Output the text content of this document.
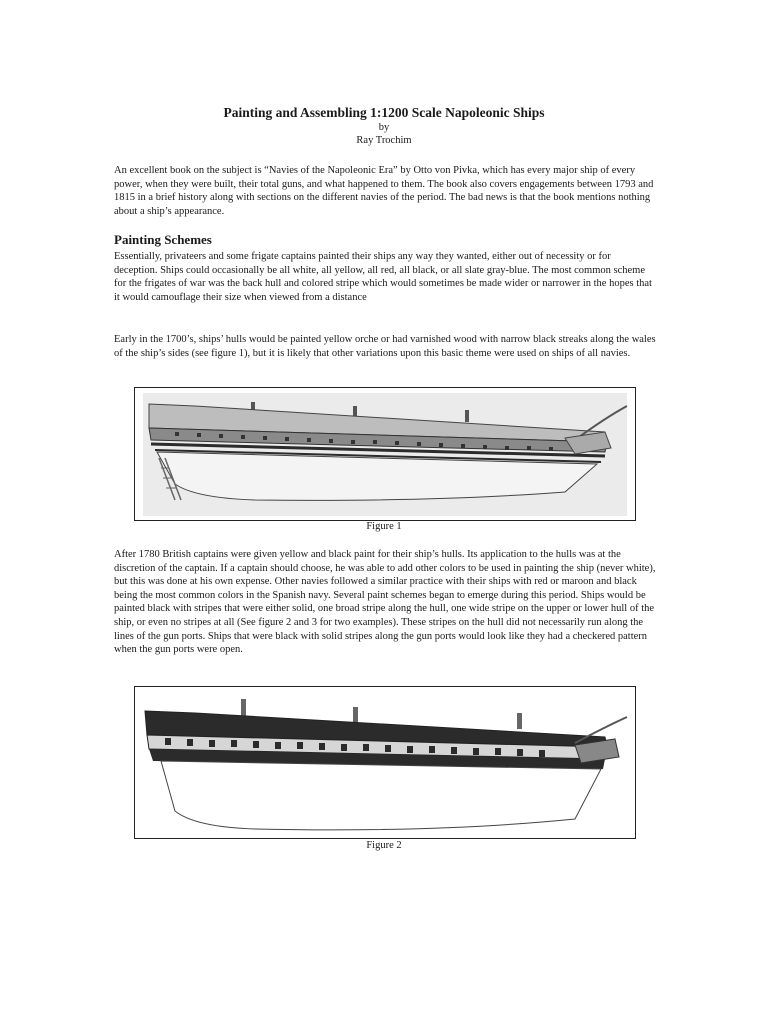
Painting and Assembling 1:1200 Scale Napoleonic Ships
by
Ray Trochim

An excellent book on the subject is “Navies of the Napoleonic Era” by Otto von Pivka, which has every major ship of every power, when they were built, their total guns, and what happened to them. The book also covers engagements between 1793 and 1815 in a brief history along with sections on the different navies of the period. The bad news is that the book mentions nothing about a ship’s appearance.

Painting Schemes

Essentially, privateers and some frigate captains painted their ships any way they wanted, either out of necessity or for deception. Ships could occasionally be all white, all yellow, all red, all black, or all slate gray-blue. The most common scheme for the frigates of war was the back hull and colored stripe which would sometimes be made wider or narrower in the hopes that it would camouflage their size when viewed from a distance

Early in the 1700’s, ships’ hulls would be painted yellow orche or had varnished wood with narrow black streaks along the wales of the ship’s sides (see figure 1), but it is likely that other variations upon this basic theme were used on ships of all navies.

Figure 1

After 1780 British captains were given yellow and black paint for their ship’s hulls. Its application to the hulls was at the discretion of the captain. If a captain should choose, he was able to add other colors to be used in painting the ship (never white), but this was done at his own expense. Other navies followed a similar practice with their ships with red or maroon and black being the most common colors in the Spanish navy. Several paint schemes began to emerge during this period. Ships would be painted black with stripes that were either solid, one broad stripe along the hull, one wide stripe on the upper or lower hull of the ship, or even no stripes at all (See figure 2 and 3 for two examples). These stripes on the hull did not necessarily run along the lines of the gun ports. Ships that were black with solid stripes along the gun ports would look like they had a checkered pattern when the gun ports were open.

Figure 2
